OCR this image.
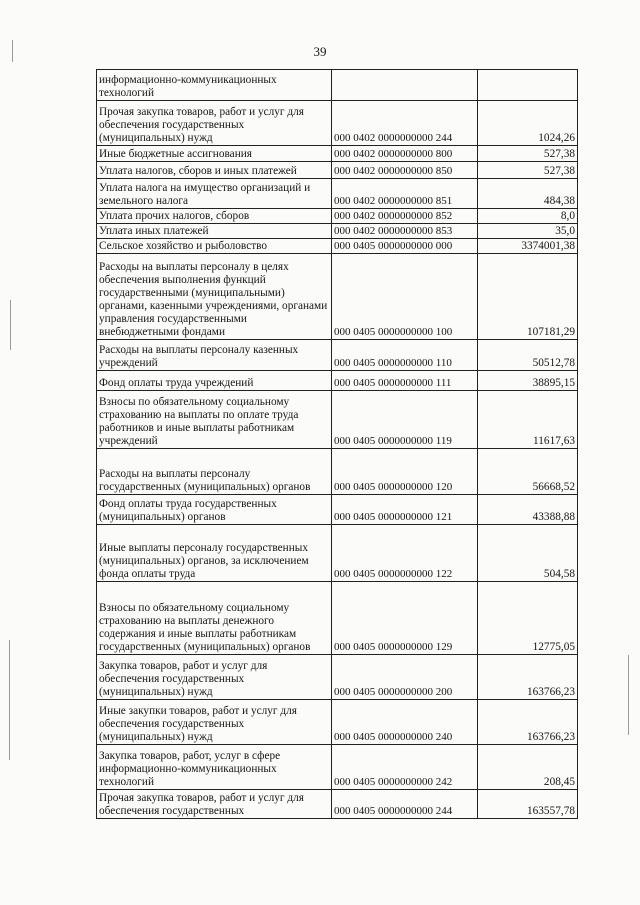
39
информационно-коммуникационных технологий		
Прочая закупка товаров, работ и услуг для обеспечения государственных (муниципальных) нужд	000 0402 0000000000 244	1024,26
Иные бюджетные ассигнования	000 0402 0000000000 800	527,38
Уплата налогов, сборов и иных платежей	000 0402 0000000000 850	527,38
Уплата налога на имущество организаций и земельного налога	000 0402 0000000000 851	484,38
Уплата прочих налогов, сборов	000 0402 0000000000 852	8,0
Уплата иных платежей	000 0402 0000000000 853	35,0
Сельское хозяйство и рыболовство	000 0405 0000000000 000	3374001,38
Расходы на выплаты персоналу в целях обеспечения выполнения функций государственными (муниципальными) органами, казенными учреждениями, органами управления государственными внебюджетными фондами	000 0405 0000000000 100	107181,29
Расходы на выплаты персоналу казенных учреждений	000 0405 0000000000 110	50512,78
Фонд оплаты труда учреждений	000 0405 0000000000 111	38895,15
Взносы по обязательному социальному страхованию на выплаты по оплате труда работников и иные выплаты работникам учреждений	000 0405 0000000000 119	11617,63
Расходы на выплаты персоналу государственных (муниципальных) органов	000 0405 0000000000 120	56668,52
Фонд оплаты труда государственных (муниципальных) органов	000 0405 0000000000 121	43388,88
Иные выплаты персоналу государственных (муниципальных) органов, за исключением фонда оплаты труда	000 0405 0000000000 122	504,58
Взносы по обязательному социальному страхованию на выплаты денежного содержания и иные выплаты работникам государственных (муниципальных) органов	000 0405 0000000000 129	12775,05
Закупка товаров, работ и услуг для обеспечения государственных (муниципальных) нужд	000 0405 0000000000 200	163766,23
Иные закупки товаров, работ и услуг для обеспечения государственных (муниципальных) нужд	000 0405 0000000000 240	163766,23
Закупка товаров, работ, услуг в сфере информационно-коммуникационных технологий	000 0405 0000000000 242	208,45
Прочая закупка товаров, работ и услуг для обеспечения государственных	000 0405 0000000000 244	163557,78
